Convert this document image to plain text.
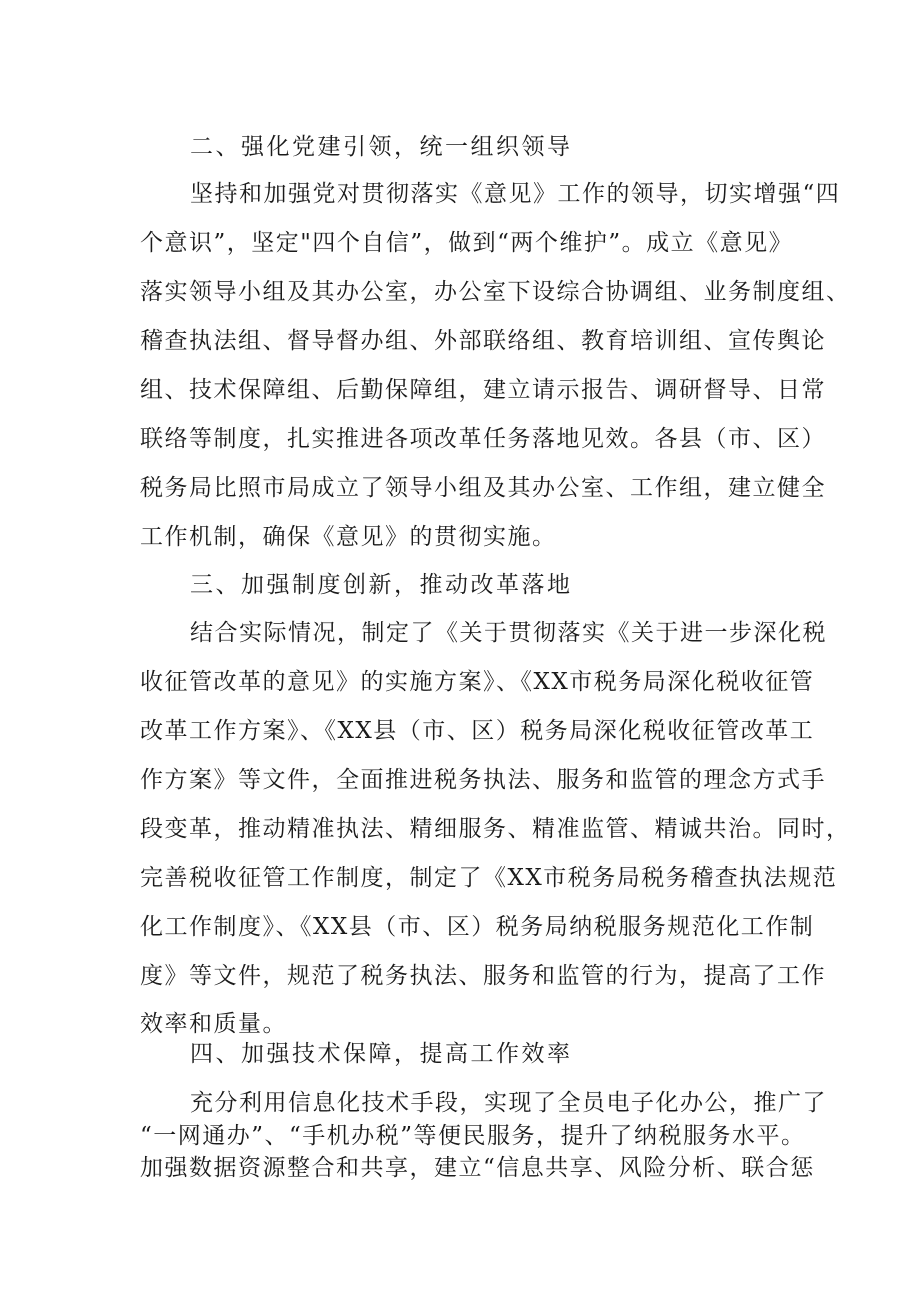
二、强化党建引领，统一组织领导
坚持和加强党对贯彻落实《意见》工作的领导，切实增强“四
个意识”，坚定"四个自信”，做到“两个维护”。成立《意见》
落实领导小组及其办公室，办公室下设综合协调组、业务制度组、
稽查执法组、督导督办组、外部联络组、教育培训组、宣传舆论
组、技术保障组、后勤保障组，建立请示报告、调研督导、日常
联络等制度，扎实推进各项改革任务落地见效。各县（市、区）
税务局比照市局成立了领导小组及其办公室、工作组，建立健全
工作机制，确保《意见》的贯彻实施。
三、加强制度创新，推动改革落地
结合实际情况，制定了《关于贯彻落实《关于进一步深化税
收征管改革的意见》的实施方案》、《XX市税务局深化税收征管
改革工作方案》、《XX县（市、区）税务局深化税收征管改革工
作方案》等文件，全面推进税务执法、服务和监管的理念方式手
段变革，推动精准执法、精细服务、精准监管、精诚共治。同时，
完善税收征管工作制度，制定了《XX市税务局税务稽查执法规范
化工作制度》、《XX县（市、区）税务局纳税服务规范化工作制
度》等文件，规范了税务执法、服务和监管的行为，提高了工作
效率和质量。
四、加强技术保障，提高工作效率
充分利用信息化技术手段，实现了全员电子化办公，推广了
“一网通办”、“手机办税”等便民服务，提升了纳税服务水平。
加强数据资源整合和共享，建立“信息共享、风险分析、联合惩
